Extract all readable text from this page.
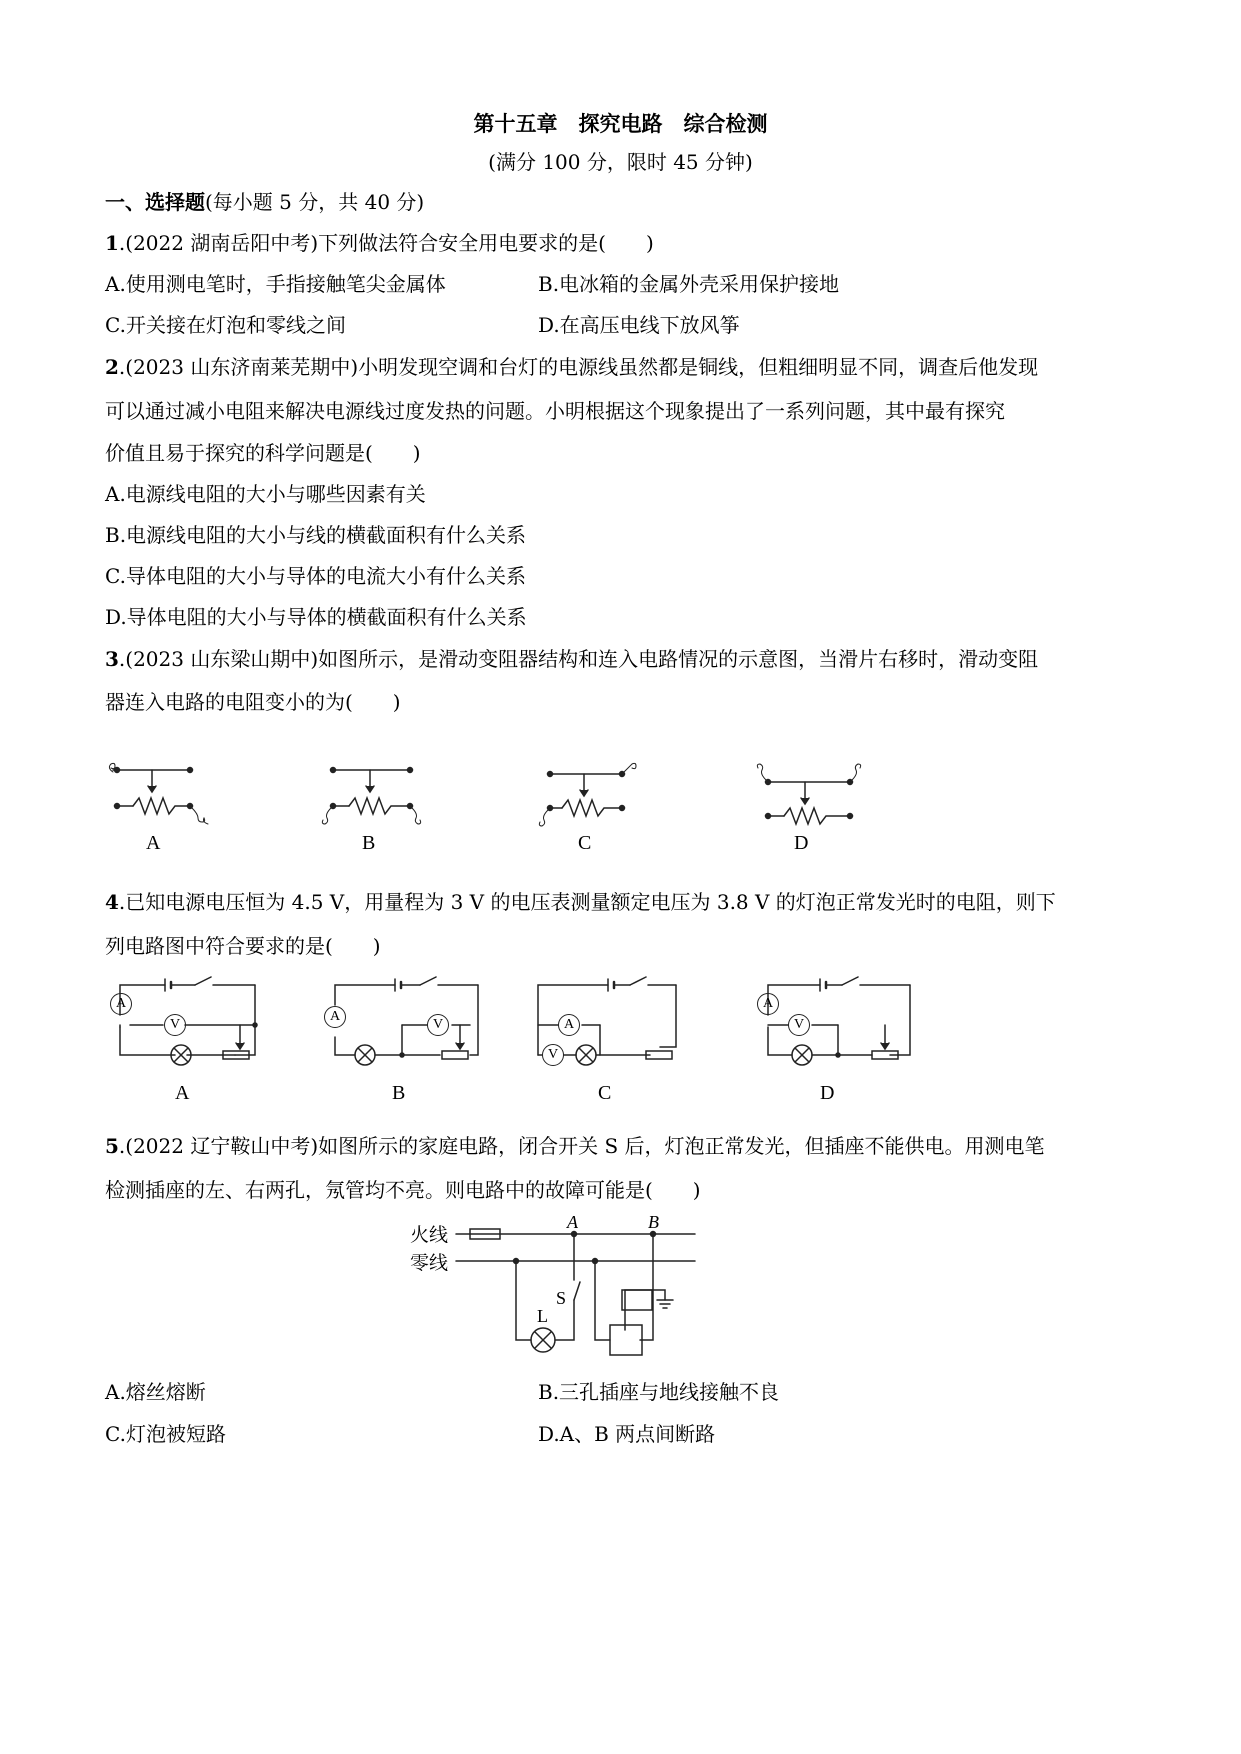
第十五章　探究电路　综合检测
(满分 100 分，限时 45 分钟)
一、选择题(每小题 5 分，共 40 分)
1.(2022 湖南岳阳中考)下列做法符合安全用电要求的是(　　)
A.使用测电笔时，手指接触笔尖金属体	B.电冰箱的金属外壳采用保护接地
C.开关接在灯泡和零线之间	D.在高压电线下放风筝
2.(2023 山东济南莱芜期中)小明发现空调和台灯的电源线虽然都是铜线，但粗细明显不同，调查后他发现
可以通过减小电阻来解决电源线过度发热的问题。小明根据这个现象提出了一系列问题，其中最有探究
价值且易于探究的科学问题是(　　)
A.电源线电阻的大小与哪些因素有关
B.电源线电阻的大小与线的横截面积有什么关系
C.导体电阻的大小与导体的电流大小有什么关系
D.导体电阻的大小与导体的横截面积有什么关系
3.(2023 山东梁山期中)如图所示，是滑动变阻器结构和连入电路情况的示意图，当滑片右移时，滑动变阻
器连入电路的电阻变小的为(　　)
4.已知电源电压恒为 4.5 V，用量程为 3 V 的电压表测量额定电压为 3.8 V 的灯泡正常发光时的电阻，则下
列电路图中符合要求的是(　　)
5.(2022 辽宁鞍山中考)如图所示的家庭电路，闭合开关 S 后，灯泡正常发光，但插座不能供电。用测电笔
检测插座的左、右两孔，氖管均不亮。则电路中的故障可能是(　　)
A.熔丝熔断	B.三孔插座与地线接触不良
C.灯泡被短路	D.A、B 两点间断路
A	B	C	D
A
V
A
V	A
V
A
V
A	B	C	D
火线
零线
A	B
S
L
